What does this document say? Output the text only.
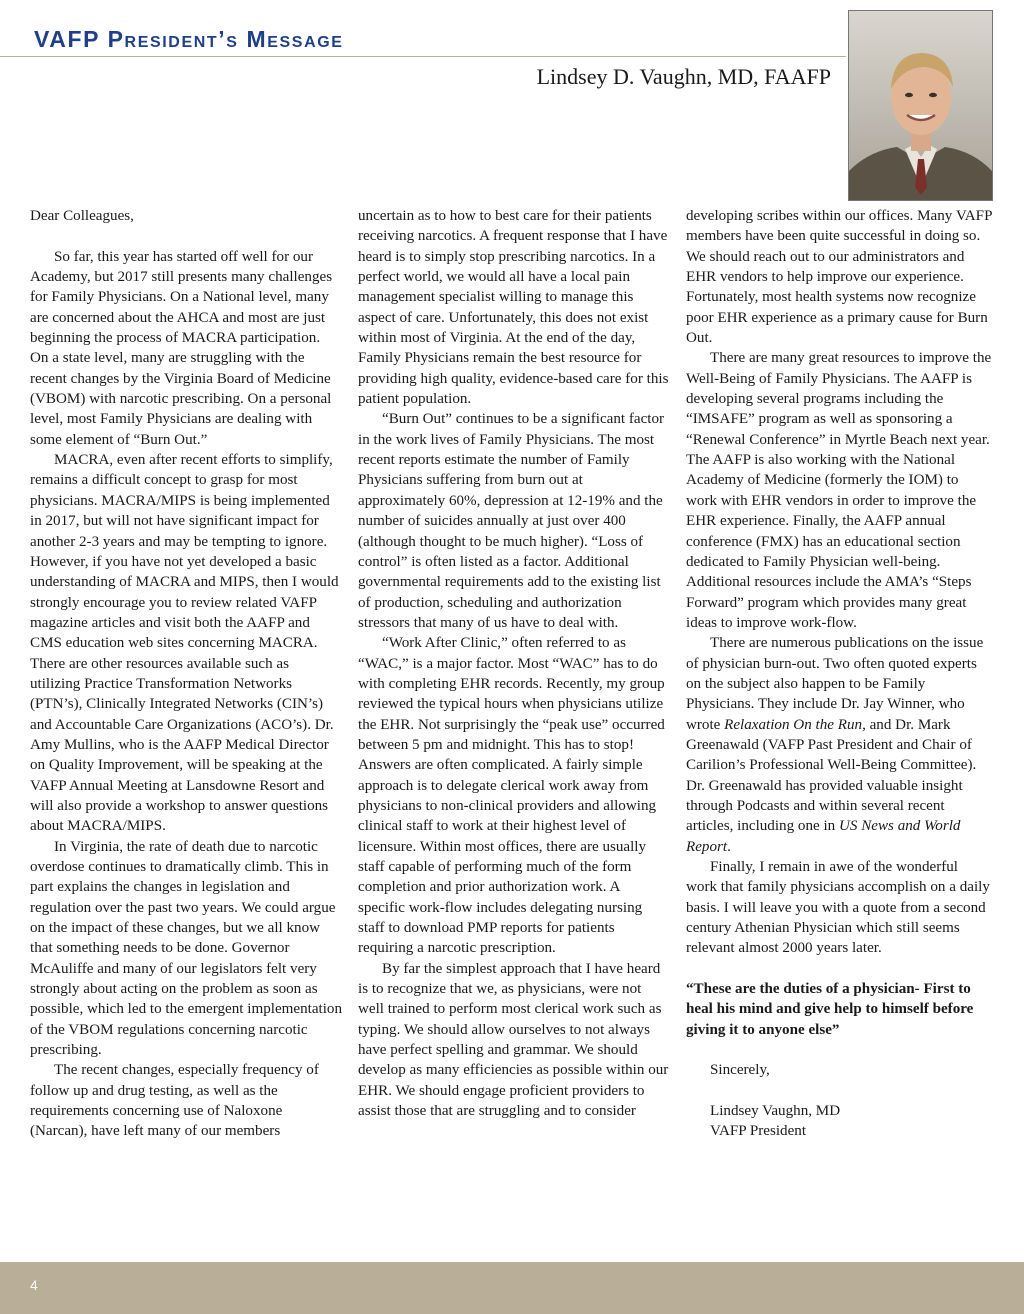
VAFP President’s Message
Lindsey D. Vaughn, MD, FAAFP

Dear Colleagues,

So far, this year has started off well for our Academy, but 2017 still presents many challenges for Family Physicians. On a National level, many are concerned about the AHCA and most are just beginning the process of MACRA participation. On a state level, many are struggling with the recent changes by the Virginia Board of Medicine (VBOM) with narcotic prescribing. On a personal level, most Family Physicians are dealing with some element of “Burn Out.”

MACRA, even after recent efforts to simplify, remains a difficult concept to grasp for most physicians. MACRA/MIPS is being implemented in 2017, but will not have significant impact for another 2-3 years and may be tempting to ignore. However, if you have not yet developed a basic understanding of MACRA and MIPS, then I would strongly encourage you to review related VAFP magazine articles and visit both the AAFP and CMS education web sites concerning MACRA. There are other resources available such as utilizing Practice Transformation Networks (PTN’s), Clinically Integrated Networks (CIN’s) and Accountable Care Organizations (ACO’s). Dr. Amy Mullins, who is the AAFP Medical Director on Quality Improvement, will be speaking at the VAFP Annual Meeting at Lansdowne Resort and will also provide a workshop to answer questions about MACRA/MIPS.

In Virginia, the rate of death due to narcotic overdose continues to dramatically climb. This in part explains the changes in legislation and regulation over the past two years. We could argue on the impact of these changes, but we all know that something needs to be done. Governor McAuliffe and many of our legislators felt very strongly about acting on the problem as soon as possible, which led to the emergent implementation of the VBOM regulations concerning narcotic prescribing.

The recent changes, especially frequency of follow up and drug testing, as well as the requirements concerning use of Naloxone (Narcan), have left many of our members

uncertain as to how to best care for their patients receiving narcotics. A frequent response that I have heard is to simply stop prescribing narcotics. In a perfect world, we would all have a local pain management specialist willing to manage this aspect of care. Unfortunately, this does not exist within most of Virginia. At the end of the day, Family Physicians remain the best resource for providing high quality, evidence-based care for this patient population.

“Burn Out” continues to be a significant factor in the work lives of Family Physicians. The most recent reports estimate the number of Family Physicians suffering from burn out at approximately 60%, depression at 12-19% and the number of suicides annually at just over 400 (although thought to be much higher). “Loss of control” is often listed as a factor. Additional governmental requirements add to the existing list of production, scheduling and authorization stressors that many of us have to deal with.

“Work After Clinic,” often referred to as “WAC,” is a major factor. Most “WAC” has to do with completing EHR records. Recently, my group reviewed the typical hours when physicians utilize the EHR. Not surprisingly the “peak use” occurred between 5 pm and midnight. This has to stop! Answers are often complicated. A fairly simple approach is to delegate clerical work away from physicians to non-clinical providers and allowing clinical staff to work at their highest level of licensure. Within most offices, there are usually staff capable of performing much of the form completion and prior authorization work. A specific work-flow includes delegating nursing staff to download PMP reports for patients requiring a narcotic prescription.

By far the simplest approach that I have heard is to recognize that we, as physicians, were not well trained to perform most clerical work such as typing. We should allow ourselves to not always have perfect spelling and grammar. We should develop as many efficiencies as possible within our EHR. We should engage proficient providers to assist those that are struggling and to consider

developing scribes within our offices. Many VAFP members have been quite successful in doing so. We should reach out to our administrators and EHR vendors to help improve our experience. Fortunately, most health systems now recognize poor EHR experience as a primary cause for Burn Out.

There are many great resources to improve the Well-Being of Family Physicians. The AAFP is developing several programs including the “IMSAFE” program as well as sponsoring a “Renewal Conference” in Myrtle Beach next year. The AAFP is also working with the National Academy of Medicine (formerly the IOM) to work with EHR vendors in order to improve the EHR experience. Finally, the AAFP annual conference (FMX) has an educational section dedicated to Family Physician well-being. Additional resources include the AMA’s “Steps Forward” program which provides many great ideas to improve work-flow.

There are numerous publications on the issue of physician burn-out. Two often quoted experts on the subject also happen to be Family Physicians. They include Dr. Jay Winner, who wrote Relaxation On the Run, and Dr. Mark Greenawald (VAFP Past President and Chair of Carilion’s Professional Well-Being Committee). Dr. Greenawald has provided valuable insight through Podcasts and within several recent articles, including one in US News and World Report.

Finally, I remain in awe of the wonderful work that family physicians accomplish on a daily basis. I will leave you with a quote from a second century Athenian Physician which still seems relevant almost 2000 years later.

“These are the duties of a physician- First to heal his mind and give help to himself before giving it to anyone else”

Sincerely,

Lindsey Vaughn, MD

VAFP President

4
